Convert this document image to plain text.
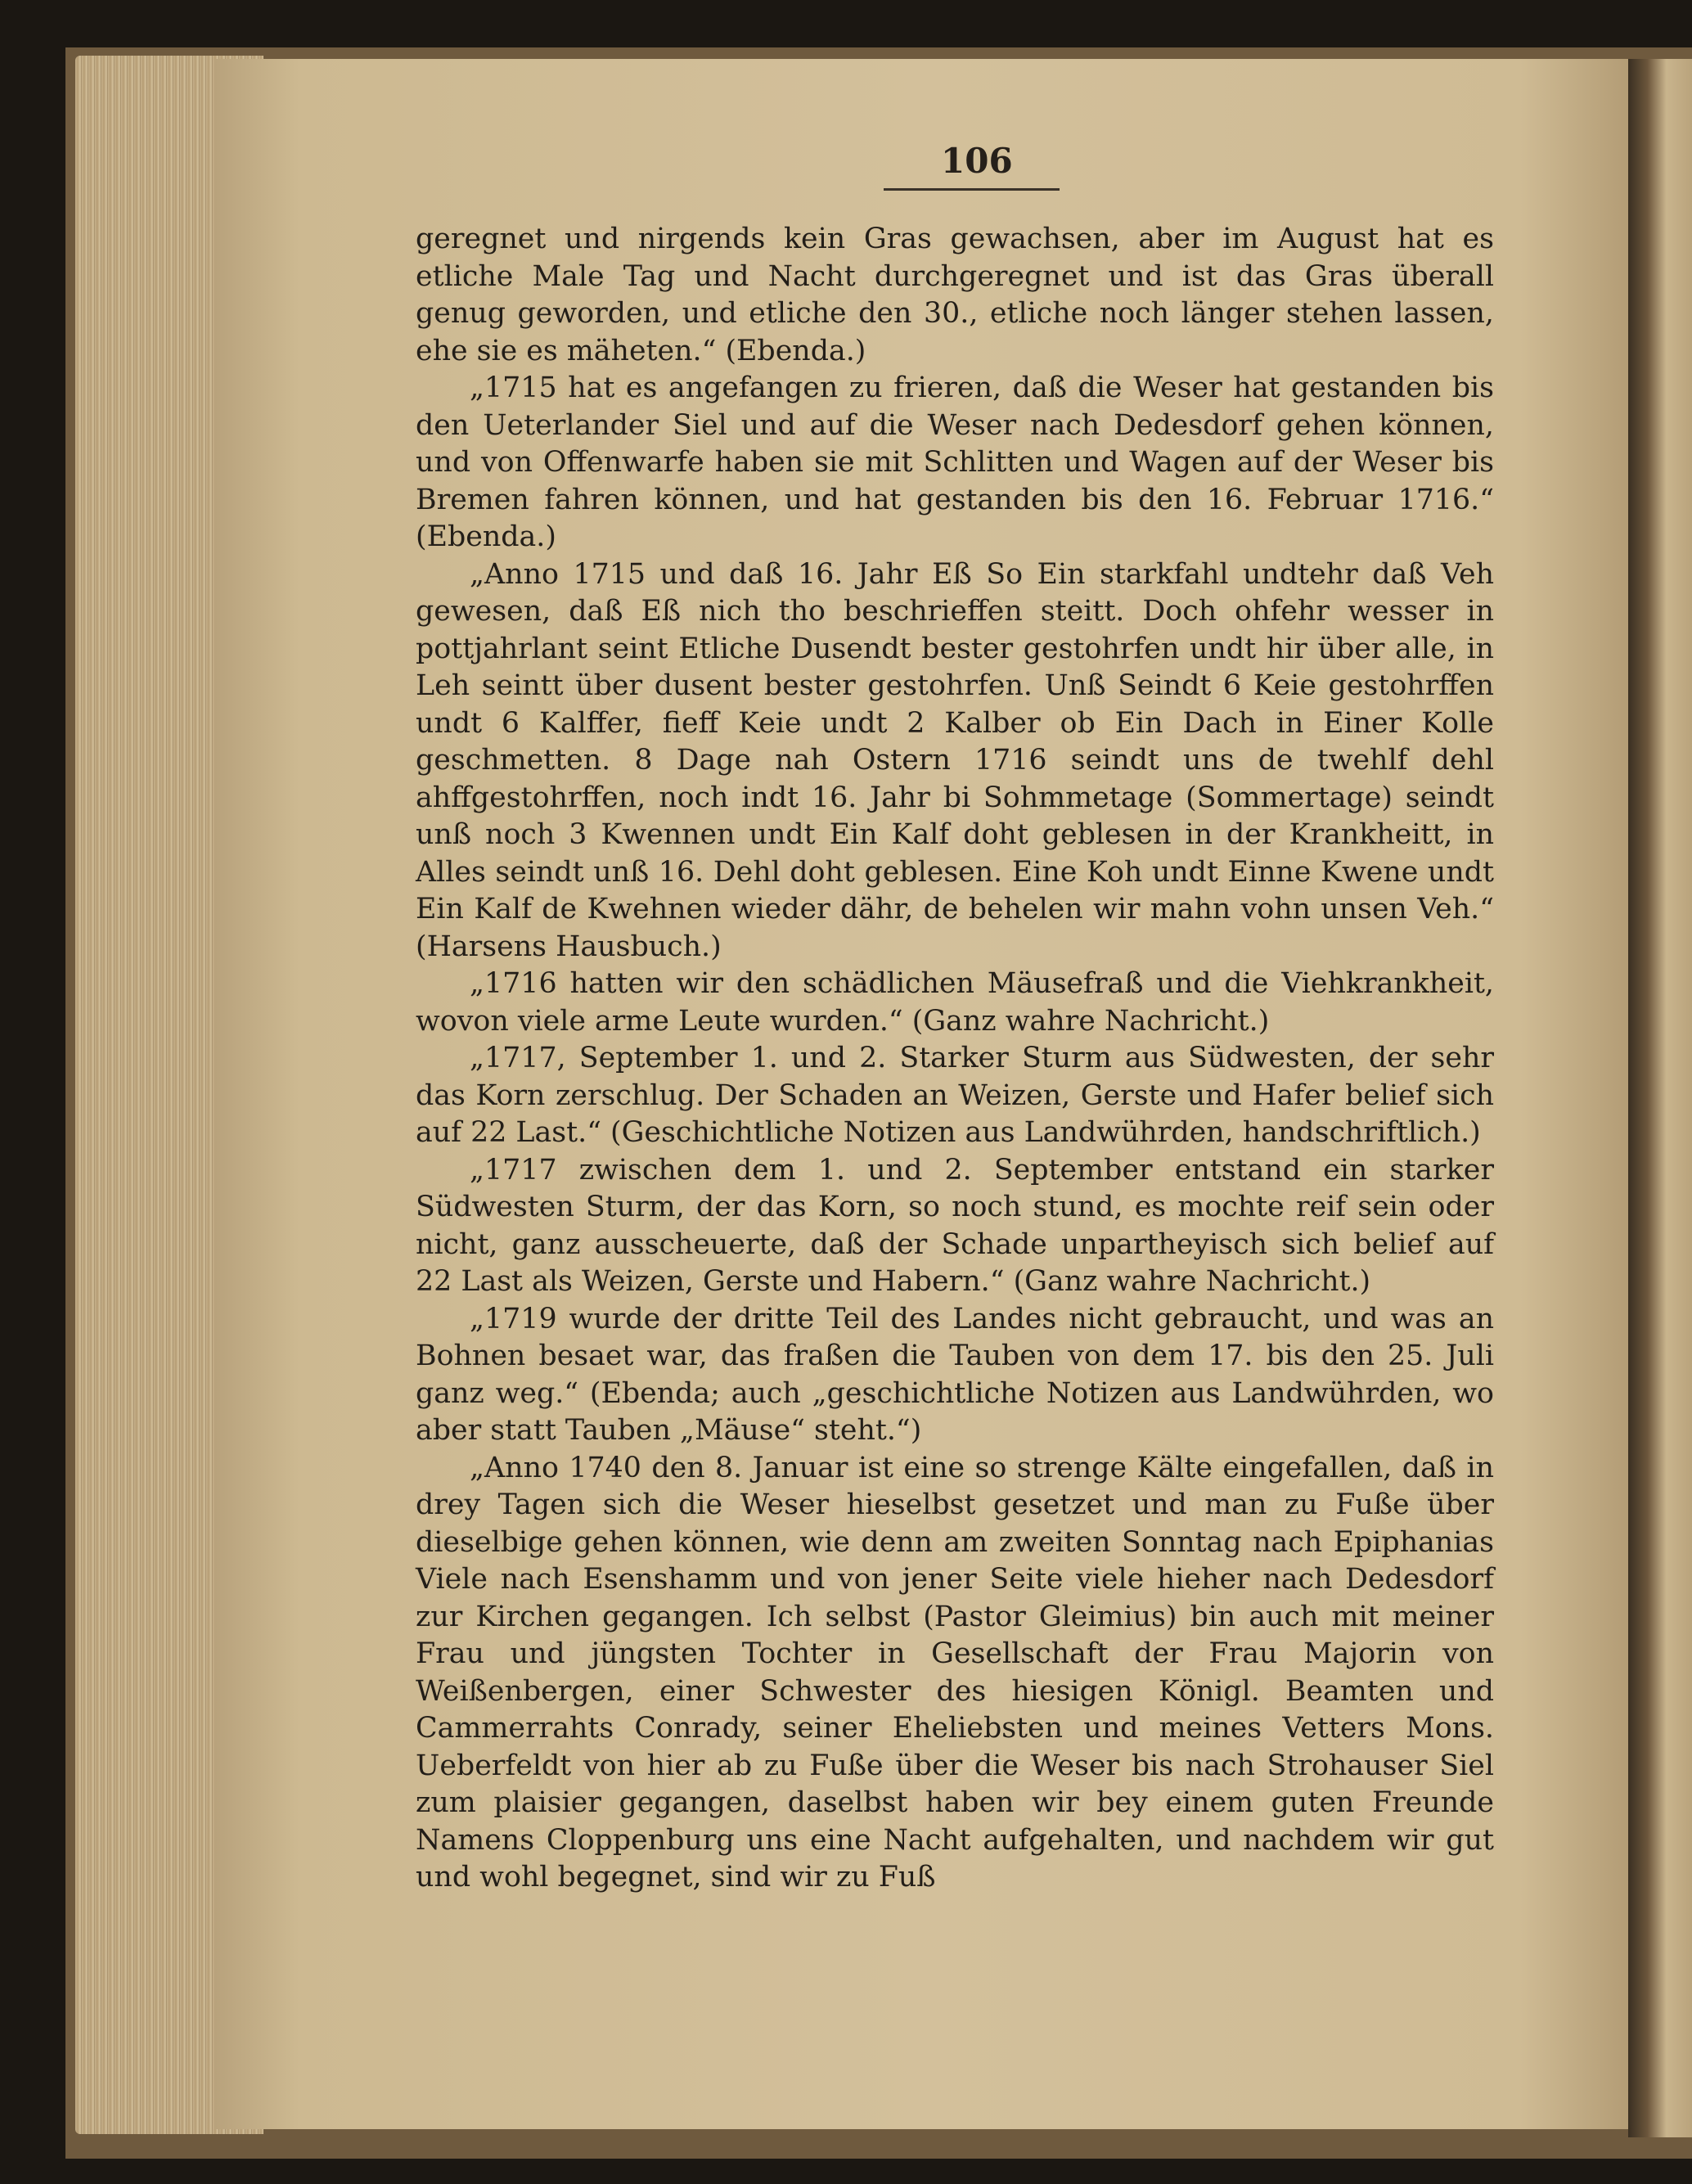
106

geregnet und nirgends kein Gras gewachsen, aber im August hat es etliche Male Tag und Nacht durchgeregnet und ist das Gras überall genug geworden, und etliche den 30., etliche noch länger stehen lassen, ehe sie es mäheten.“ (Ebenda.)

„1715 hat es angefangen zu frieren, daß die Weser hat gestanden bis den Ueterlander Siel und auf die Weser nach Dedesdorf gehen können, und von Offenwarfe haben sie mit Schlitten und Wagen auf der Weser bis Bremen fahren können, und hat gestanden bis den 16. Februar 1716.“ (Ebenda.)

„Anno 1715 und daß 16. Jahr Eß So Ein starkfahl undtehr daß Veh gewesen, daß Eß nich tho beschrieffen steitt. Doch ohfehr wesser in pottjahrlant seint Etliche Dusendt bester gestohrfen undt hir über alle, in Leh seintt über dusent bester gestohrfen. Unß Seindt 6 Keie gestohrffen undt 6 Kalffer, fieff Keie undt 2 Kalber ob Ein Dach in Einer Kolle geschmetten. 8 Dage nah Ostern 1716 seindt uns de twehlf dehl ahffgestohrffen, noch indt 16. Jahr bi Sohmmetage (Sommertage) seindt unß noch 3 Kwennen undt Ein Kalf doht geblesen in der Krankheitt, in Alles seindt unß 16. Dehl doht geblesen. Eine Koh undt Einne Kwene undt Ein Kalf de Kwehnen wieder dähr, de behelen wir mahn vohn unsen Veh.“ (Harsens Hausbuch.)

„1716 hatten wir den schädlichen Mäusefraß und die Viehkrankheit, wovon viele arme Leute wurden.“ (Ganz wahre Nachricht.)

„1717, September 1. und 2. Starker Sturm aus Südwesten, der sehr das Korn zerschlug. Der Schaden an Weizen, Gerste und Hafer belief sich auf 22 Last.“ (Geschichtliche Notizen aus Landwührden, handschriftlich.)

„1717 zwischen dem 1. und 2. September entstand ein starker Südwesten Sturm, der das Korn, so noch stund, es mochte reif sein oder nicht, ganz ausscheuerte, daß der Schade unpartheyisch sich belief auf 22 Last als Weizen, Gerste und Habern.“ (Ganz wahre Nachricht.)

„1719 wurde der dritte Teil des Landes nicht gebraucht, und was an Bohnen besaet war, das fraßen die Tauben von dem 17. bis den 25. Juli ganz weg.“ (Ebenda; auch „geschichtliche Notizen aus Landwührden, wo aber statt Tauben „Mäuse“ steht.“)

„Anno 1740 den 8. Januar ist eine so strenge Kälte eingefallen, daß in drey Tagen sich die Weser hieselbst gesetzet und man zu Fuße über dieselbige gehen können, wie denn am zweiten Sonntag nach Epiphanias Viele nach Esenshamm und von jener Seite viele hieher nach Dedesdorf zur Kirchen gegangen. Ich selbst (Pastor Gleimius) bin auch mit meiner Frau und jüngsten Tochter in Gesellschaft der Frau Majorin von Weißenbergen, einer Schwester des hiesigen Königl. Beamten und Cammerrahts Conrady, seiner Eheliebsten und meines Vetters Mons. Ueberfeldt von hier ab zu Fuße über die Weser bis nach Strohauser Siel zum plaisier gegangen, daselbst haben wir bey einem guten Freunde Namens Cloppenburg uns eine Nacht aufgehalten, und nachdem wir gut und wohl begegnet, sind wir zu Fuß
